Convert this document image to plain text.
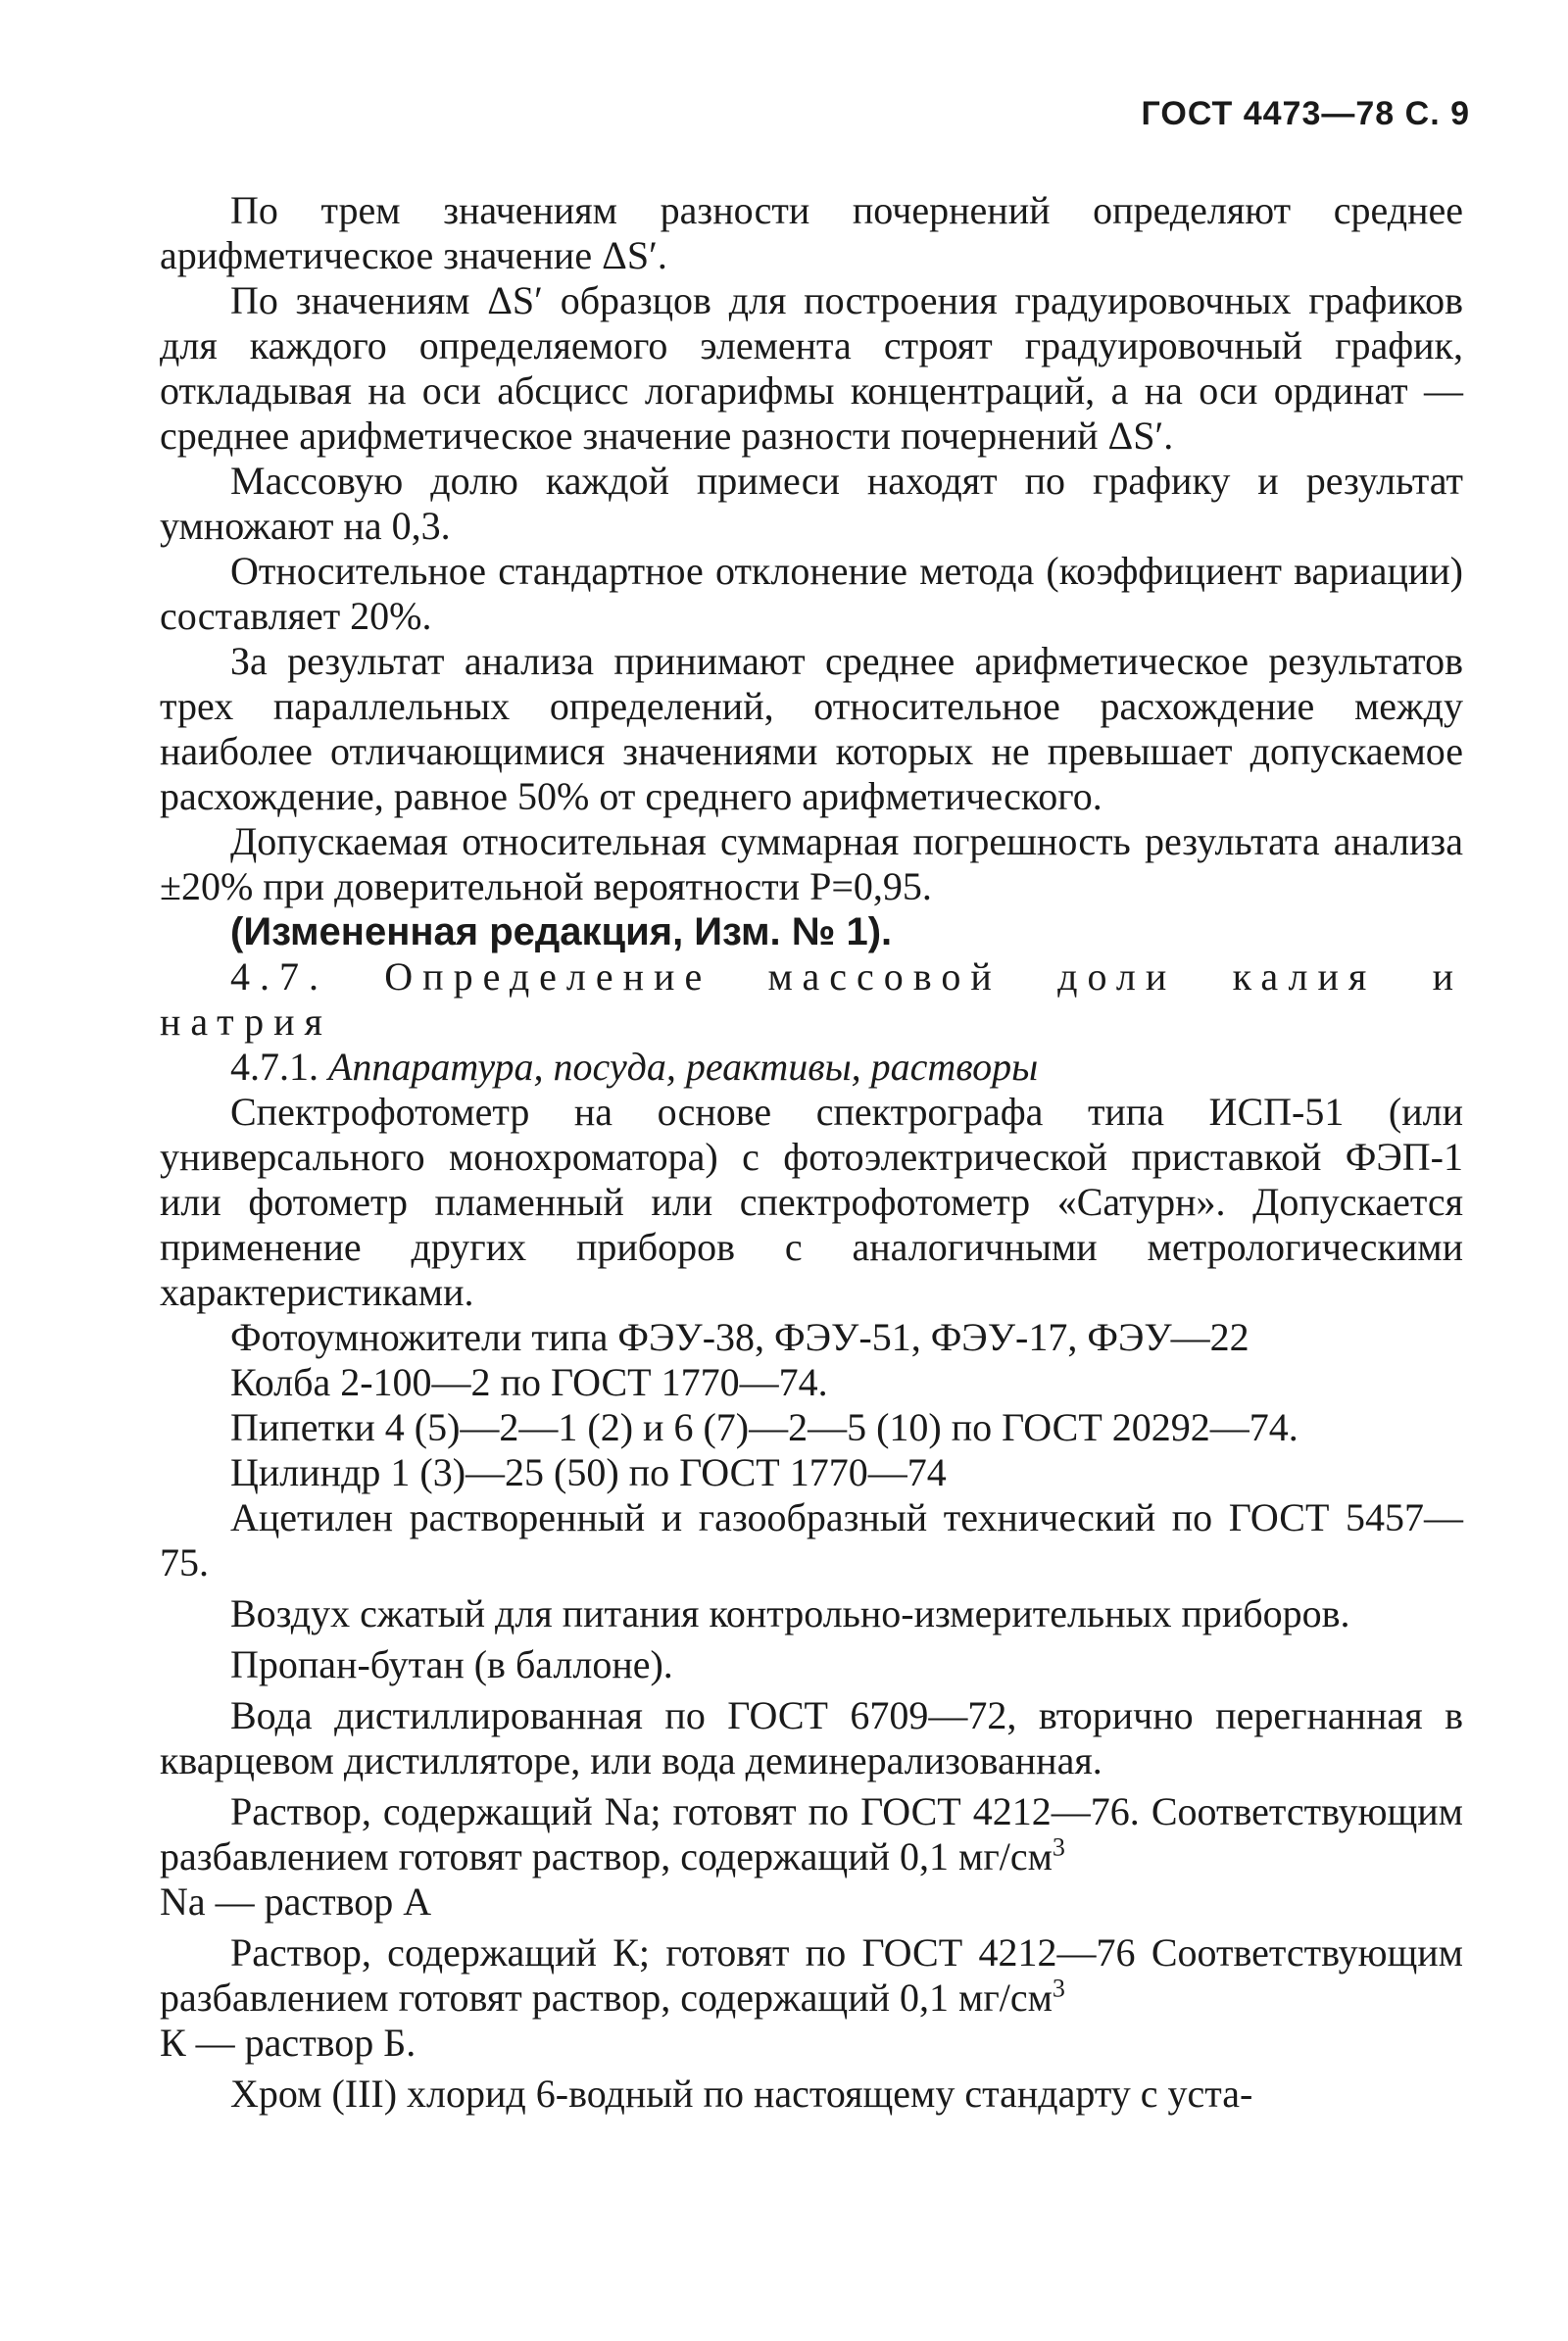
ГОСТ 4473—78 С. 9

По трем значениям разности почернений определяют среднее арифметическое значение ΔS′.

По значениям ΔS′ образцов для построения градуировочных графиков для каждого определяемого элемента строят градуировочный график, откладывая на оси абсцисс логарифмы концентраций, а на оси ординат — среднее арифметическое значение разности почернений ΔS′.

Массовую долю каждой примеси находят по графику и результат умножают на 0,3.

Относительное стандартное отклонение метода (коэффициент вариации) составляет 20%.

За результат анализа принимают среднее арифметическое результатов трех параллельных определений, относительное расхождение между наиболее отличающимися значениями которых не превышает допускаемое расхождение, равное 50% от среднего арифметического.

Допускаемая относительная суммарная погрешность результата анализа ±20% при доверительной вероятности P=0,95.

(Измененная редакция, Изм. № 1).

4.7. Определение массовой доли калия и натрия

4.7.1. Аппаратура, посуда, реактивы, растворы

Спектрофотометр на основе спектрографа типа ИСП-51 (или универсального монохроматора) с фотоэлектрической приставкой ФЭП-1 или фотометр пламенный или спектрофотометр «Сатурн». Допускается применение других приборов с аналогичными метрологическими характеристиками.

Фотоумножители типа ФЭУ-38, ФЭУ-51, ФЭУ-17, ФЭУ—22

Колба 2-100—2 по ГОСТ 1770—74.

Пипетки 4 (5)—2—1 (2) и 6 (7)—2—5 (10) по ГОСТ 20292—74.

Цилиндр 1 (3)—25 (50) по ГОСТ 1770—74

Ацетилен растворенный и газообразный технический по ГОСТ 5457—75.

Воздух сжатый для питания контрольно-измерительных приборов.

Пропан-бутан (в баллоне).

Вода дистиллированная по ГОСТ 6709—72, вторично перегнанная в кварцевом дистилляторе, или вода деминерализованная.

Раствор, содержащий Na; готовят по ГОСТ 4212—76. Соответствующим разбавлением готовят раствор, содержащий 0,1 $мг/см^3$

Na — раствор А

Раствор, содержащий К; готовят по ГОСТ 4212—76 Соответствующим разбавлением готовят раствор, содержащий 0,1 $мг/см^3$

К — раствор Б.

Хром (III) хлорид 6-водный по настоящему стандарту с уста-
